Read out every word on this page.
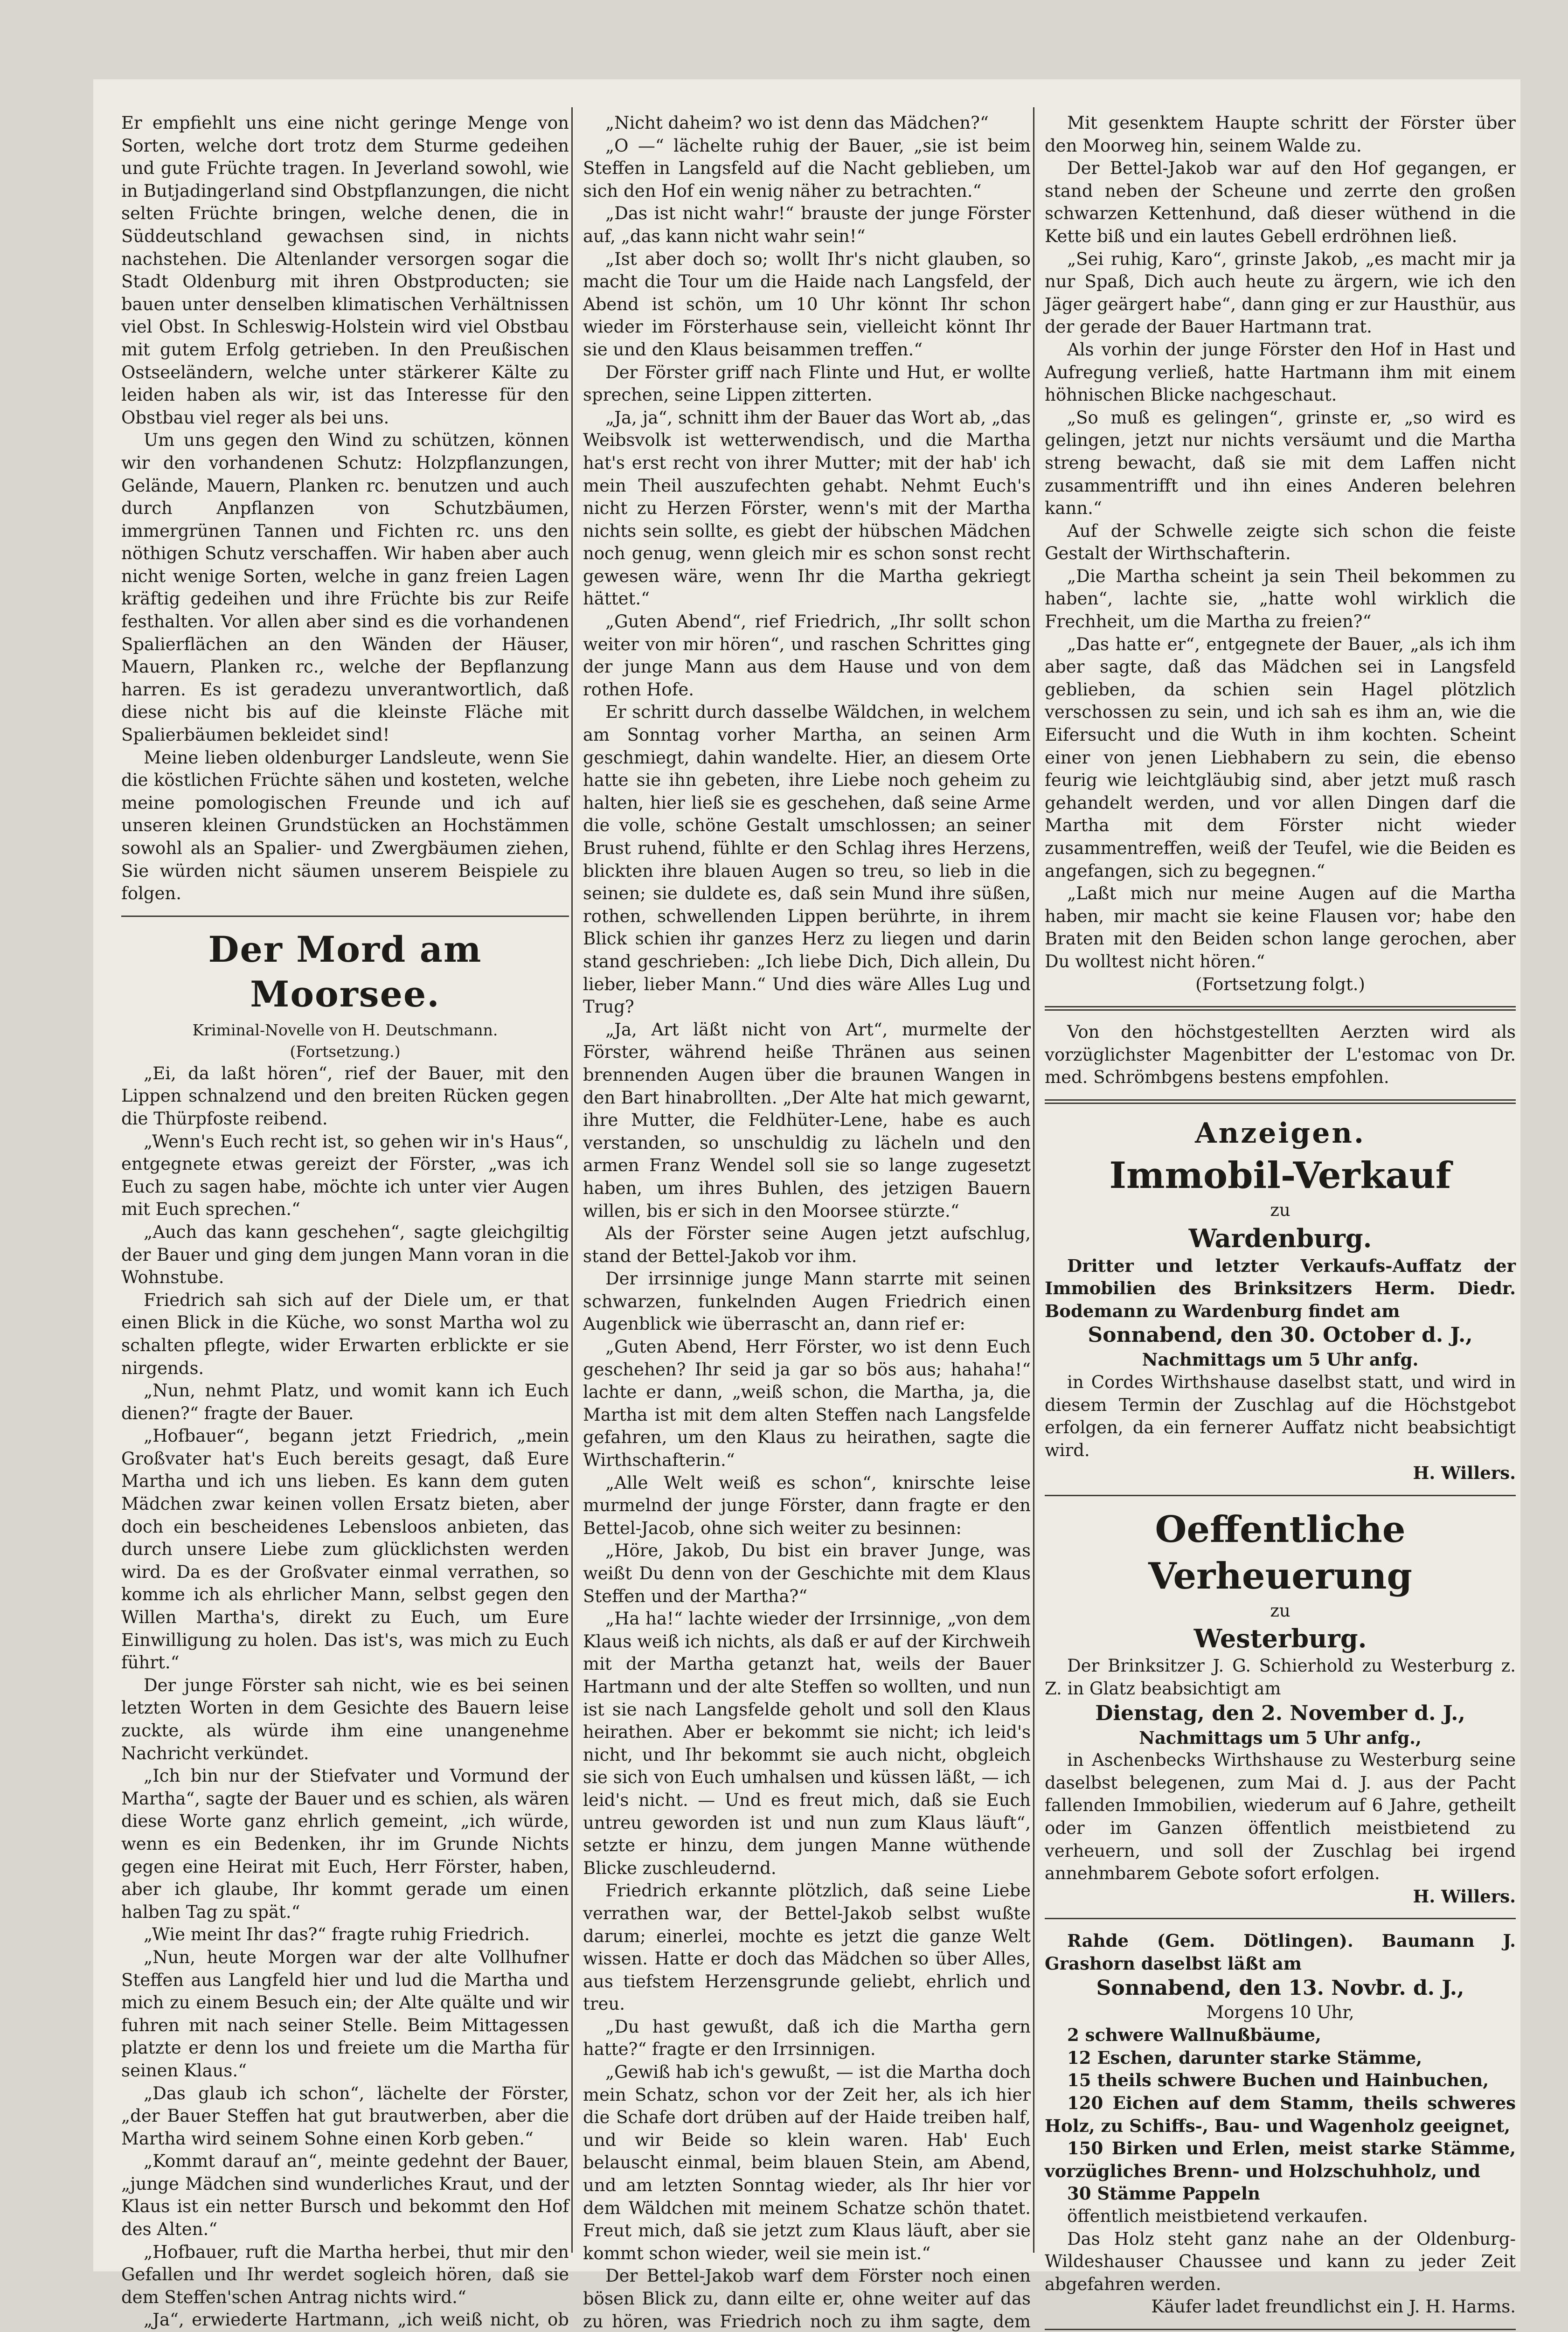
Er empfiehlt uns eine nicht geringe Menge von Sorten, welche dort trotz dem Sturme gedeihen und gute Früchte tragen. In Jeverland sowohl, wie in Butjadingerland sind Obstpflanzungen, die nicht selten Früchte bringen, welche denen, die in Süddeutschland gewachsen sind, in nichts nachstehen. Die Altenlander versorgen sogar die Stadt Oldenburg mit ihren Obstproducten; sie bauen unter denselben klimatischen Verhältnissen viel Obst. In Schleswig-Holstein wird viel Obstbau mit gutem Erfolg getrieben. In den Preußischen Ostseeländern, welche unter stärkerer Kälte zu leiden haben als wir, ist das Interesse für den Obstbau viel reger als bei uns.

Um uns gegen den Wind zu schützen, können wir den vorhandenen Schutz: Holzpflanzungen, Gelände, Mauern, Planken rc. benutzen und auch durch Anpflanzen von Schutzbäumen, immergrünen Tannen und Fichten rc. uns den nöthigen Schutz verschaffen. Wir haben aber auch nicht wenige Sorten, welche in ganz freien Lagen kräftig gedeihen und ihre Früchte bis zur Reife festhalten. Vor allen aber sind es die vorhandenen Spalierflächen an den Wänden der Häuser, Mauern, Planken rc., welche der Bepflanzung harren. Es ist geradezu unverantwortlich, daß diese nicht bis auf die kleinste Fläche mit Spalierbäumen bekleidet sind!

Meine lieben oldenburger Landsleute, wenn Sie die köstlichen Früchte sähen und kosteten, welche meine pomologischen Freunde und ich auf unseren kleinen Grundstücken an Hochstämmen sowohl als an Spalier- und Zwergbäumen ziehen, Sie würden nicht säumen unserem Beispiele zu folgen.

Der Mord am Moorsee.
Kriminal-Novelle von H. Deutschmann.
(Fortsetzung.)

„Ei, da laßt hören“, rief der Bauer, mit den Lippen schnalzend und den breiten Rücken gegen die Thürpfoste reibend.

„Wenn's Euch recht ist, so gehen wir in's Haus“, entgegnete etwas gereizt der Förster, „was ich Euch zu sagen habe, möchte ich unter vier Augen mit Euch sprechen.“

„Auch das kann geschehen“, sagte gleichgiltig der Bauer und ging dem jungen Mann voran in die Wohnstube.

Friedrich sah sich auf der Diele um, er that einen Blick in die Küche, wo sonst Martha wol zu schalten pflegte, wider Erwarten erblickte er sie nirgends.

„Nun, nehmt Platz, und womit kann ich Euch dienen?“ fragte der Bauer.

„Hofbauer“, begann jetzt Friedrich, „mein Großvater hat's Euch bereits gesagt, daß Eure Martha und ich uns lieben. Es kann dem guten Mädchen zwar keinen vollen Ersatz bieten, aber doch ein bescheidenes Lebensloos anbieten, das durch unsere Liebe zum glücklichsten werden wird. Da es der Großvater einmal verrathen, so komme ich als ehrlicher Mann, selbst gegen den Willen Martha's, direkt zu Euch, um Eure Einwilligung zu holen. Das ist's, was mich zu Euch führt.“

Der junge Förster sah nicht, wie es bei seinen letzten Worten in dem Gesichte des Bauern leise zuckte, als würde ihm eine unangenehme Nachricht verkündet.

„Ich bin nur der Stiefvater und Vormund der Martha“, sagte der Bauer und es schien, als wären diese Worte ganz ehrlich gemeint, „ich würde, wenn es ein Bedenken, ihr im Grunde Nichts gegen eine Heirat mit Euch, Herr Förster, haben, aber ich glaube, Ihr kommt gerade um einen halben Tag zu spät.“

„Wie meint Ihr das?“ fragte ruhig Friedrich.

„Nun, heute Morgen war der alte Vollhufner Steffen aus Langfeld hier und lud die Martha und mich zu einem Besuch ein; der Alte quälte und wir fuhren mit nach seiner Stelle. Beim Mittagessen platzte er denn los und freiete um die Martha für seinen Klaus.“

„Das glaub ich schon“, lächelte der Förster, „der Bauer Steffen hat gut brautwerben, aber die Martha wird seinem Sohne einen Korb geben.“

„Kommt darauf an“, meinte gedehnt der Bauer, „junge Mädchen sind wunderliches Kraut, und der Klaus ist ein netter Bursch und bekommt den Hof des Alten.“

„Hofbauer, ruft die Martha herbei, thut mir den Gefallen und Ihr werdet sogleich hören, daß sie dem Steffen'schen Antrag nichts wird.“

„Ja“, erwiederte Hartmann, „ich weiß nicht, ob

„Nicht daheim? wo ist denn das Mädchen?“

„O —“ lächelte ruhig der Bauer, „sie ist beim Steffen in Langsfeld auf die Nacht geblieben, um sich den Hof ein wenig näher zu betrachten.“

„Das ist nicht wahr!“ brauste der junge Förster auf, „das kann nicht wahr sein!“

„Ist aber doch so; wollt Ihr's nicht glauben, so macht die Tour um die Haide nach Langsfeld, der Abend ist schön, um 10 Uhr könnt Ihr schon wieder im Försterhause sein, vielleicht könnt Ihr sie und den Klaus beisammen treffen.“

Der Förster griff nach Flinte und Hut, er wollte sprechen, seine Lippen zitterten.

„Ja, ja“, schnitt ihm der Bauer das Wort ab, „das Weibsvolk ist wetterwendisch, und die Martha hat's erst recht von ihrer Mutter; mit der hab' ich mein Theil auszufechten gehabt. Nehmt Euch's nicht zu Herzen Förster, wenn's mit der Martha nichts sein sollte, es giebt der hübschen Mädchen noch genug, wenn gleich mir es schon sonst recht gewesen wäre, wenn Ihr die Martha gekriegt hättet.“

„Guten Abend“, rief Friedrich, „Ihr sollt schon weiter von mir hören“, und raschen Schrittes ging der junge Mann aus dem Hause und von dem rothen Hofe.

Er schritt durch dasselbe Wäldchen, in welchem am Sonntag vorher Martha, an seinen Arm geschmiegt, dahin wandelte. Hier, an diesem Orte hatte sie ihn gebeten, ihre Liebe noch geheim zu halten, hier ließ sie es geschehen, daß seine Arme die volle, schöne Gestalt umschlossen; an seiner Brust ruhend, fühlte er den Schlag ihres Herzens, blickten ihre blauen Augen so treu, so lieb in die seinen; sie duldete es, daß sein Mund ihre süßen, rothen, schwellenden Lippen berührte, in ihrem Blick schien ihr ganzes Herz zu liegen und darin stand geschrieben: „Ich liebe Dich, Dich allein, Du lieber, lieber Mann.“ Und dies wäre Alles Lug und Trug?

„Ja, Art läßt nicht von Art“, murmelte der Förster, während heiße Thränen aus seinen brennenden Augen über die braunen Wangen in den Bart hinabrollten. „Der Alte hat mich gewarnt, ihre Mutter, die Feldhüter-Lene, habe es auch verstanden, so unschuldig zu lächeln und den armen Franz Wendel soll sie so lange zugesetzt haben, um ihres Buhlen, des jetzigen Bauern willen, bis er sich in den Moorsee stürzte.“

Als der Förster seine Augen jetzt aufschlug, stand der Bettel-Jakob vor ihm.

Der irrsinnige junge Mann starrte mit seinen schwarzen, funkelnden Augen Friedrich einen Augenblick wie überrascht an, dann rief er:

„Guten Abend, Herr Förster, wo ist denn Euch geschehen? Ihr seid ja gar so bös aus; hahaha!“ lachte er dann, „weiß schon, die Martha, ja, die Martha ist mit dem alten Steffen nach Langsfelde gefahren, um den Klaus zu heirathen, sagte die Wirthschafterin.“

„Alle Welt weiß es schon“, knirschte leise murmelnd der junge Förster, dann fragte er den Bettel-Jacob, ohne sich weiter zu besinnen:

„Höre, Jakob, Du bist ein braver Junge, was weißt Du denn von der Geschichte mit dem Klaus Steffen und der Martha?“

„Ha ha!“ lachte wieder der Irrsinnige, „von dem Klaus weiß ich nichts, als daß er auf der Kirchweih mit der Martha getanzt hat, weils der Bauer Hartmann und der alte Steffen so wollten, und nun ist sie nach Langsfelde geholt und soll den Klaus heirathen. Aber er bekommt sie nicht; ich leid's nicht, und Ihr bekommt sie auch nicht, obgleich sie sich von Euch umhalsen und küssen läßt, — ich leid's nicht. — Und es freut mich, daß sie Euch untreu geworden ist und nun zum Klaus läuft“, setzte er hinzu, dem jungen Manne wüthende Blicke zuschleudernd.

Friedrich erkannte plötzlich, daß seine Liebe verrathen war, der Bettel-Jakob selbst wußte darum; einerlei, mochte es jetzt die ganze Welt wissen. Hatte er doch das Mädchen so über Alles, aus tiefstem Herzensgrunde geliebt, ehrlich und treu.

„Du hast gewußt, daß ich die Martha gern hatte?“ fragte er den Irrsinnigen.

„Gewiß hab ich's gewußt, — ist die Martha doch mein Schatz, schon vor der Zeit her, als ich hier die Schafe dort drüben auf der Haide treiben half, und wir Beide so klein waren. Hab' Euch belauscht einmal, beim blauen Stein, am Abend, und am letzten Sonntag wieder, als Ihr hier vor dem Wäldchen mit meinem Schatze schön thatet. Freut mich, daß sie jetzt zum Klaus läuft, aber sie kommt schon wieder, weil sie mein ist.“

Der Bettel-Jakob warf dem Förster noch einen bösen Blick zu, dann eilte er, ohne weiter auf das zu hören, was Friedrich noch zu ihm sagte, dem

Mit gesenktem Haupte schritt der Förster über den Moorweg hin, seinem Walde zu.

Der Bettel-Jakob war auf den Hof gegangen, er stand neben der Scheune und zerrte den großen schwarzen Kettenhund, daß dieser wüthend in die Kette biß und ein lautes Gebell erdröhnen ließ.

„Sei ruhig, Karo“, grinste Jakob, „es macht mir ja nur Spaß, Dich auch heute zu ärgern, wie ich den Jäger geärgert habe“, dann ging er zur Hausthür, aus der gerade der Bauer Hartmann trat.

Als vorhin der junge Förster den Hof in Hast und Aufregung verließ, hatte Hartmann ihm mit einem höhnischen Blicke nachgeschaut.

„So muß es gelingen“, grinste er, „so wird es gelingen, jetzt nur nichts versäumt und die Martha streng bewacht, daß sie mit dem Laffen nicht zusammentrifft und ihn eines Anderen belehren kann.“

Auf der Schwelle zeigte sich schon die feiste Gestalt der Wirthschafterin.

„Die Martha scheint ja sein Theil bekommen zu haben“, lachte sie, „hatte wohl wirklich die Frechheit, um die Martha zu freien?“

„Das hatte er“, entgegnete der Bauer, „als ich ihm aber sagte, daß das Mädchen sei in Langsfeld geblieben, da schien sein Hagel plötzlich verschossen zu sein, und ich sah es ihm an, wie die Eifersucht und die Wuth in ihm kochten. Scheint einer von jenen Liebhabern zu sein, die ebenso feurig wie leichtgläubig sind, aber jetzt muß rasch gehandelt werden, und vor allen Dingen darf die Martha mit dem Förster nicht wieder zusammentreffen, weiß der Teufel, wie die Beiden es angefangen, sich zu begegnen.“

„Laßt mich nur meine Augen auf die Martha haben, mir macht sie keine Flausen vor; habe den Braten mit den Beiden schon lange gerochen, aber Du wolltest nicht hören.“

(Fortsetzung folgt.)

Von den höchstgestellten Aerzten wird als vorzüglichster Magenbitter der L'estomac von Dr. med. Schrömbgens bestens empfohlen.

Anzeigen.
Immobil-Verkauf
zu
Wardenburg.

Dritter und letzter Verkaufs-Auffatz der Immobilien des Brinksitzers Herm. Diedr. Bodemann zu Wardenburg findet am

Sonnabend, den 30. October d. J.,
Nachmittags um 5 Uhr anfg.

in Cordes Wirthshause daselbst statt, und wird in diesem Termin der Zuschlag auf die Höchstgebot erfolgen, da ein fernerer Auffatz nicht beabsichtigt wird.

H. Willers.
Oeffentliche Verheuerung
zu
Westerburg.

Der Brinksitzer J. G. Schierhold zu Westerburg z. Z. in Glatz beabsichtigt am

Dienstag, den 2. November d. J.,
Nachmittags um 5 Uhr anfg.,

in Aschenbecks Wirthshause zu Westerburg seine daselbst belegenen, zum Mai d. J. aus der Pacht fallenden Immobilien, wiederum auf 6 Jahre, getheilt oder im Ganzen öffentlich meistbietend zu verheuern, und soll der Zuschlag bei irgend annehmbarem Gebote sofort erfolgen.

H. Willers.

Rahde (Gem. Dötlingen). Baumann J. Grashorn daselbst läßt am

Sonnabend, den 13. Novbr. d. J.,
Morgens 10 Uhr,

2 schwere Wallnußbäume,

12 Eschen, darunter starke Stämme,

15 theils schwere Buchen und Hainbuchen,

120 Eichen auf dem Stamm, theils schweres Holz, zu Schiffs-, Bau- und Wagenholz geeignet,

150 Birken und Erlen, meist starke Stämme, vorzügliches Brenn- und Holzschuhholz, und

30 Stämme Pappeln

öffentlich meistbietend verkaufen.

Das Holz steht ganz nahe an der Oldenburg-Wildeshauser Chaussee und kann zu jeder Zeit abgefahren werden.

Käufer ladet freundlichst ein J. H. Harms.
